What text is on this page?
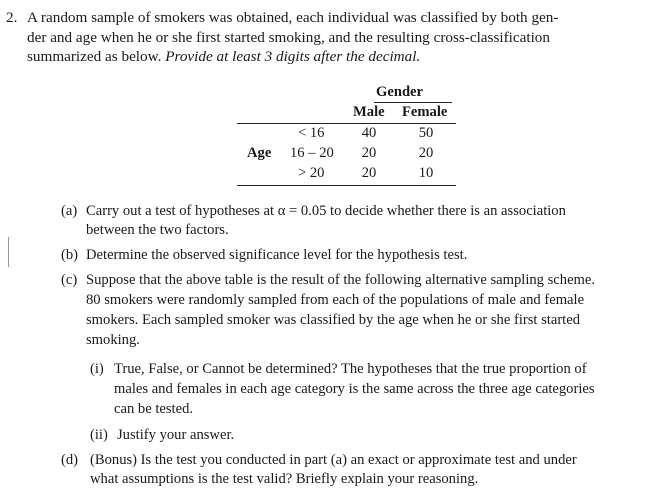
2. A random sample of smokers was obtained, each individual was classified by both gen-
der and age when he or she first started smoking, and the resulting cross-classification
summarized as below. Provide at least 3 digits after the decimal.
Gender
Male Female
< 16	40	50
Age 16 – 20	20	20
> 20	20	10
(a) Carry out a test of hypotheses at α = 0.05 to decide whether there is an association
between the two factors.
(b) Determine the observed significance level for the hypothesis test.
(c) Suppose that the above table is the result of the following alternative sampling scheme.
80 smokers were randomly sampled from each of the populations of male and female
smokers. Each sampled smoker was classified by the age when he or she first started
smoking.
(i) True, False, or Cannot be determined? The hypotheses that the true proportion of
males and females in each age category is the same across the three age categories
can be tested.
(ii) Justify your answer.
(d) (Bonus) Is the test you conducted in part (a) an exact or approximate test and under
what assumptions is the test valid? Briefly explain your reasoning.
